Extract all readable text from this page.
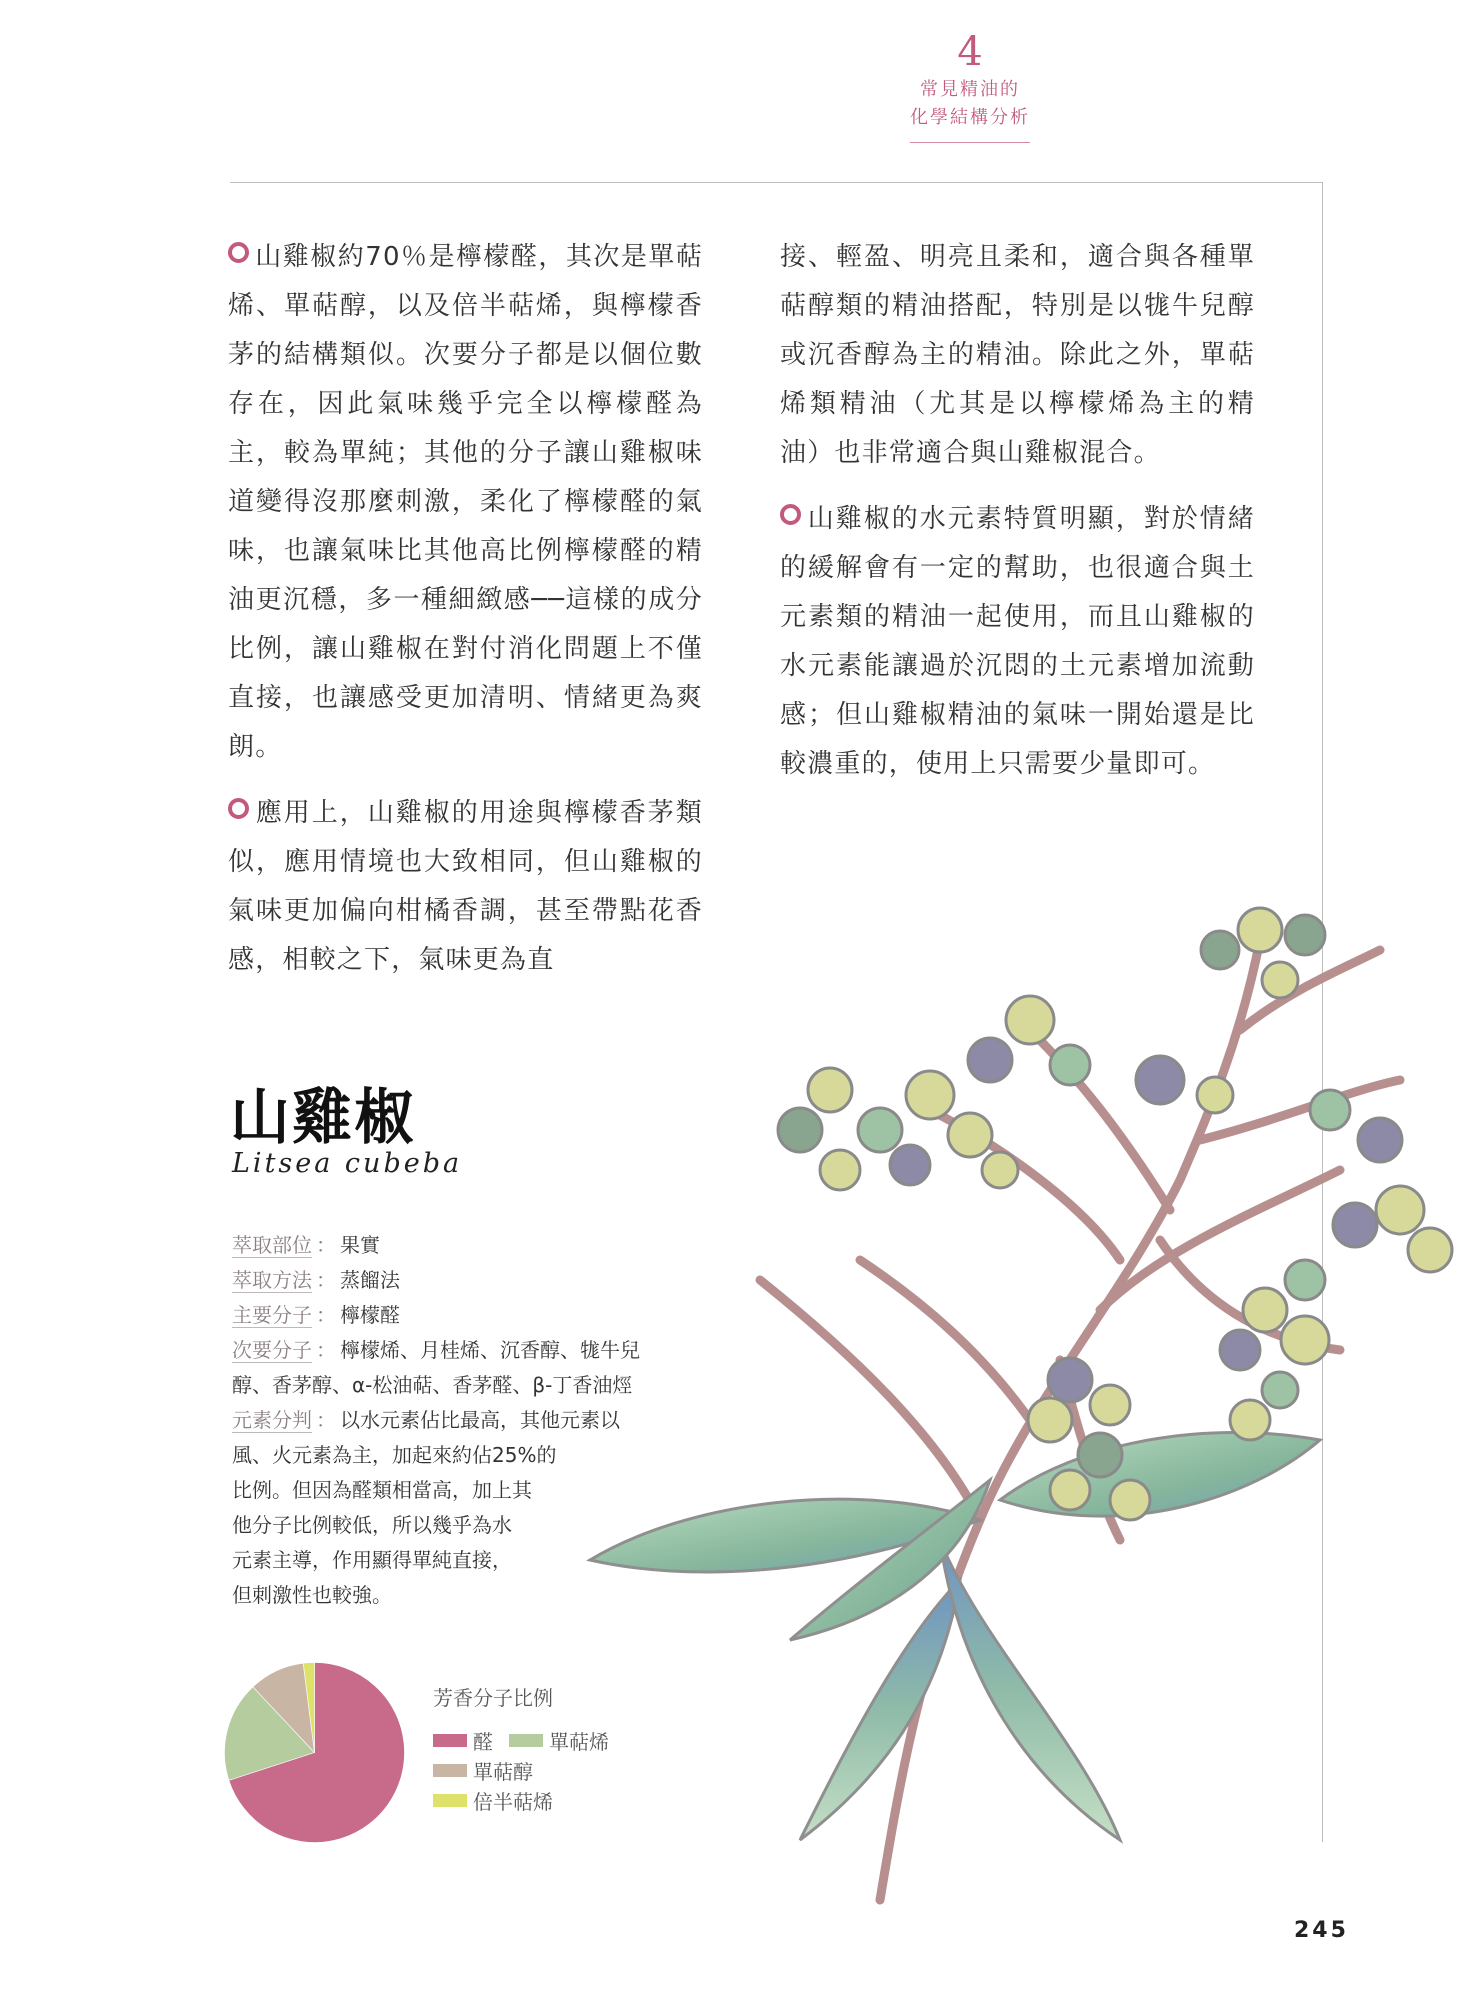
4
常見精油的
化學結構分析

山雞椒約70％是檸檬醛，其次是單萜烯、單萜醇，以及倍半萜烯，與檸檬香茅的結構類似。次要分子都是以個位數存在，因此氣味幾乎完全以檸檬醛為主，較為單純；其他的分子讓山雞椒味道變得沒那麼刺激，柔化了檸檬醛的氣味，也讓氣味比其他高比例檸檬醛的精油更沉穩，多一種細緻感──這樣的成分比例，讓山雞椒在對付消化問題上不僅直接，也讓感受更加清明、情緒更為爽朗。

應用上，山雞椒的用途與檸檬香茅類似，應用情境也大致相同，但山雞椒的氣味更加偏向柑橘香調，甚至帶點花香感，相較之下，氣味更為直

接、輕盈、明亮且柔和，適合與各種單萜醇類的精油搭配，特別是以牻牛兒醇或沉香醇為主的精油。除此之外，單萜烯類精油（尤其是以檸檬烯為主的精油）也非常適合與山雞椒混合。

山雞椒的水元素特質明顯，對於情緒的緩解會有一定的幫助，也很適合與土元素類的精油一起使用，而且山雞椒的水元素能讓過於沉悶的土元素增加流動感；但山雞椒精油的氣味一開始還是比較濃重的，使用上只需要少量即可。

山雞椒
Litsea cubeba
萃取部位 ： 果實
萃取方法 ： 蒸餾法
主要分子 ： 檸檬醛
次要分子 ： 檸檬烯、月桂烯、沉香醇、牻牛兒
醇、香茅醇、α-松油萜、香茅醛、β-丁香油烴
元素分判 ： 以水元素佔比最高，其他元素以
風、火元素為主，加起來約佔25%的
比例。但因為醛類相當高，加上其
他分子比例較低，所以幾乎為水
元素主導，作用顯得單純直接，
但刺激性也較強。
芳香分子比例
醛	單萜烯
單萜醇
倍半萜烯
245
